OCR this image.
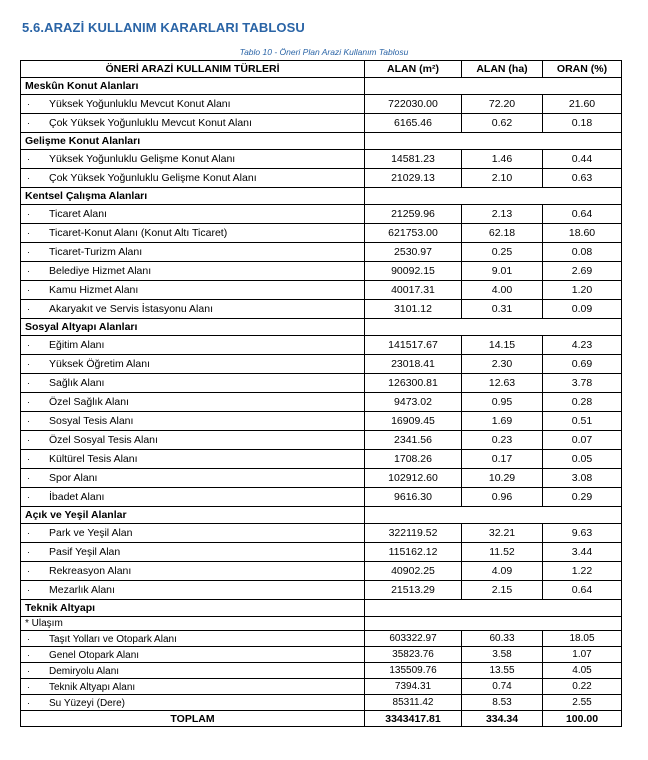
5.6.ARAZİ KULLANIM KARARLARI TABLOSU
Tablo 10 - Öneri Plan Arazi Kullanım Tablosu
ÖNERİ ARAZİ KULLANIM TÜRLERİ	ALAN (m²)	ALAN (ha)	ORAN (%)
Meskûn Konut Alanları			
· Yüksek Yoğunluklu Mevcut Konut Alanı	722030.00	72.20	21.60
· Çok Yüksek Yoğunluklu Mevcut Konut Alanı	6165.46	0.62	0.18
Gelişme Konut Alanları			
· Yüksek Yoğunluklu Gelişme Konut Alanı	14581.23	1.46	0.44
· Çok Yüksek Yoğunluklu Gelişme Konut Alanı	21029.13	2.10	0.63
Kentsel Çalışma Alanları			
· Ticaret Alanı	21259.96	2.13	0.64
· Ticaret-Konut Alanı (Konut Altı Ticaret)	621753.00	62.18	18.60
· Ticaret-Turizm Alanı	2530.97	0.25	0.08
· Belediye Hizmet Alanı	90092.15	9.01	2.69
· Kamu Hizmet Alanı	40017.31	4.00	1.20
· Akaryakıt ve Servis İstasyonu Alanı	3101.12	0.31	0.09
Sosyal Altyapı Alanları			
· Eğitim Alanı	141517.67	14.15	4.23
· Yüksek Öğretim Alanı	23018.41	2.30	0.69
· Sağlık Alanı	126300.81	12.63	3.78
· Özel Sağlık Alanı	9473.02	0.95	0.28
· Sosyal Tesis Alanı	16909.45	1.69	0.51
· Özel Sosyal Tesis Alanı	2341.56	0.23	0.07
· Kültürel Tesis Alanı	1708.26	0.17	0.05
· Spor Alanı	102912.60	10.29	3.08
· İbadet Alanı	9616.30	0.96	0.29
Açık ve Yeşil Alanlar			
· Park ve Yeşil Alan	322119.52	32.21	9.63
· Pasif Yeşil Alan	115162.12	11.52	3.44
· Rekreasyon Alanı	40902.25	4.09	1.22
· Mezarlık Alanı	21513.29	2.15	0.64
Teknik Altyapı			
* Ulaşım			
· Taşıt Yolları ve Otopark Alanı	603322.97	60.33	18.05
· Genel Otopark Alanı	35823.76	3.58	1.07
· Demiryolu Alanı	135509.76	13.55	4.05
· Teknik Altyapı Alanı	7394.31	0.74	0.22
· Su Yüzeyi (Dere)	85311.42	8.53	2.55
TOPLAM	3343417.81	334.34	100.00
